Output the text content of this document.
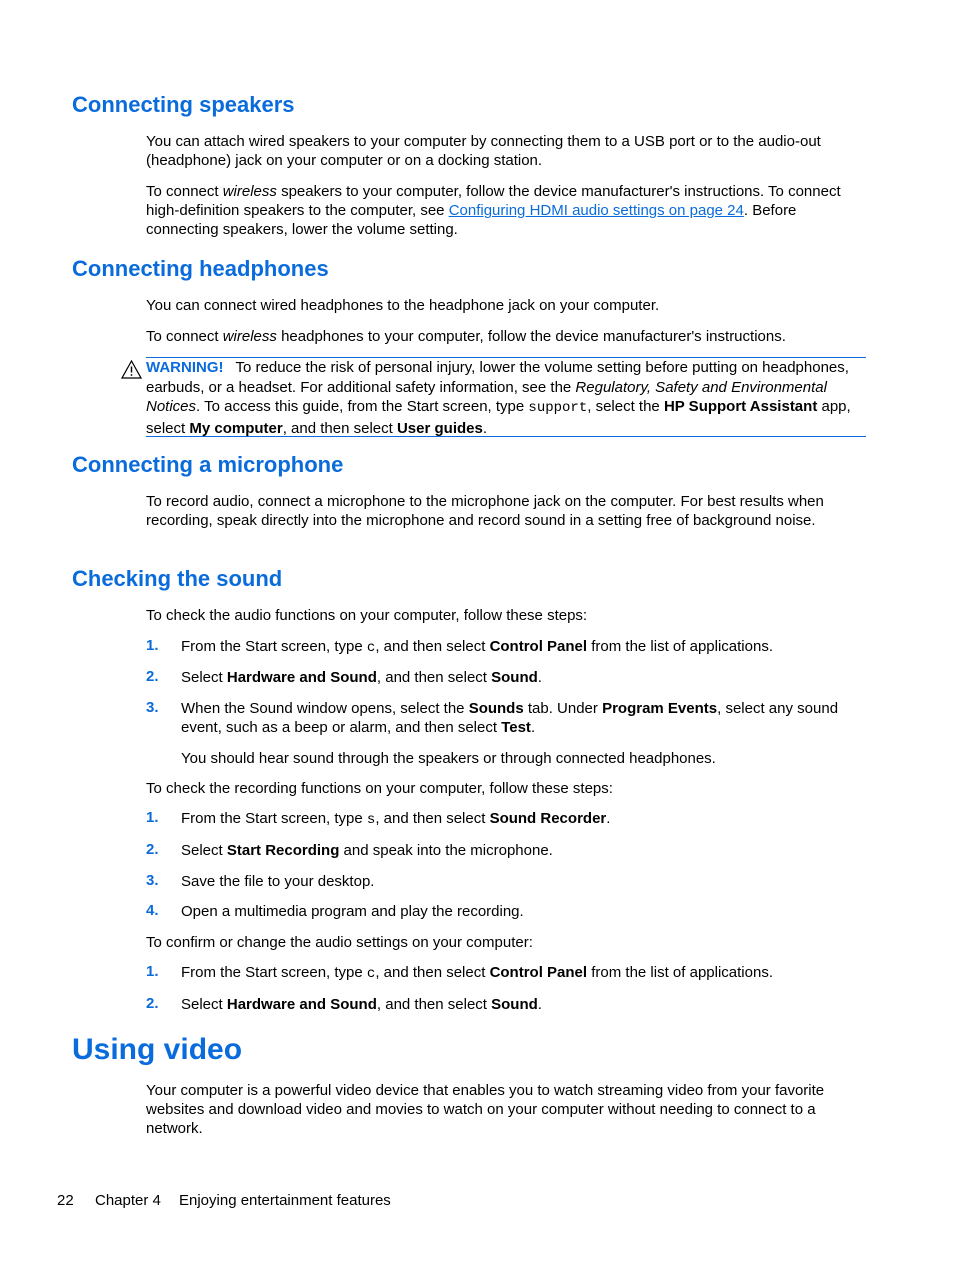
Connecting speakers

You can attach wired speakers to your computer by connecting them to a USB port or to the audio-out (headphone) jack on your computer or on a docking station.

To connect wireless speakers to your computer, follow the device manufacturer's instructions. To connect high-definition speakers to the computer, see Configuring HDMI audio settings on page 24. Before connecting speakers, lower the volume setting.

Connecting headphones

You can connect wired headphones to the headphone jack on your computer.

To connect wireless headphones to your computer, follow the device manufacturer's instructions.

WARNING! To reduce the risk of personal injury, lower the volume setting before putting on headphones, earbuds, or a headset. For additional safety information, see the Regulatory, Safety and Environmental Notices. To access this guide, from the Start screen, type support, select the HP Support Assistant app, select My computer, and then select User guides.
Connecting a microphone

To record audio, connect a microphone to the microphone jack on the computer. For best results when recording, speak directly into the microphone and record sound in a setting free of background noise.

Checking the sound

To check the audio functions on your computer, follow these steps:

1. From the Start screen, type c, and then select Control Panel from the list of applications.
2. Select Hardware and Sound, and then select Sound.
3. When the Sound window opens, select the Sounds tab. Under Program Events, select any sound event, such as a beep or alarm, and then select Test.
You should hear sound through the speakers or through connected headphones.

To check the recording functions on your computer, follow these steps:

1. From the Start screen, type s, and then select Sound Recorder.
2. Select Start Recording and speak into the microphone.
3. Save the file to your desktop.
4. Open a multimedia program and play the recording.

To confirm or change the audio settings on your computer:

1. From the Start screen, type c, and then select Control Panel from the list of applications.
2. Select Hardware and Sound, and then select Sound.
Using video

Your computer is a powerful video device that enables you to watch streaming video from your favorite websites and download video and movies to watch on your computer without needing to connect to a network.

22 Chapter 4 Enjoying entertainment features
